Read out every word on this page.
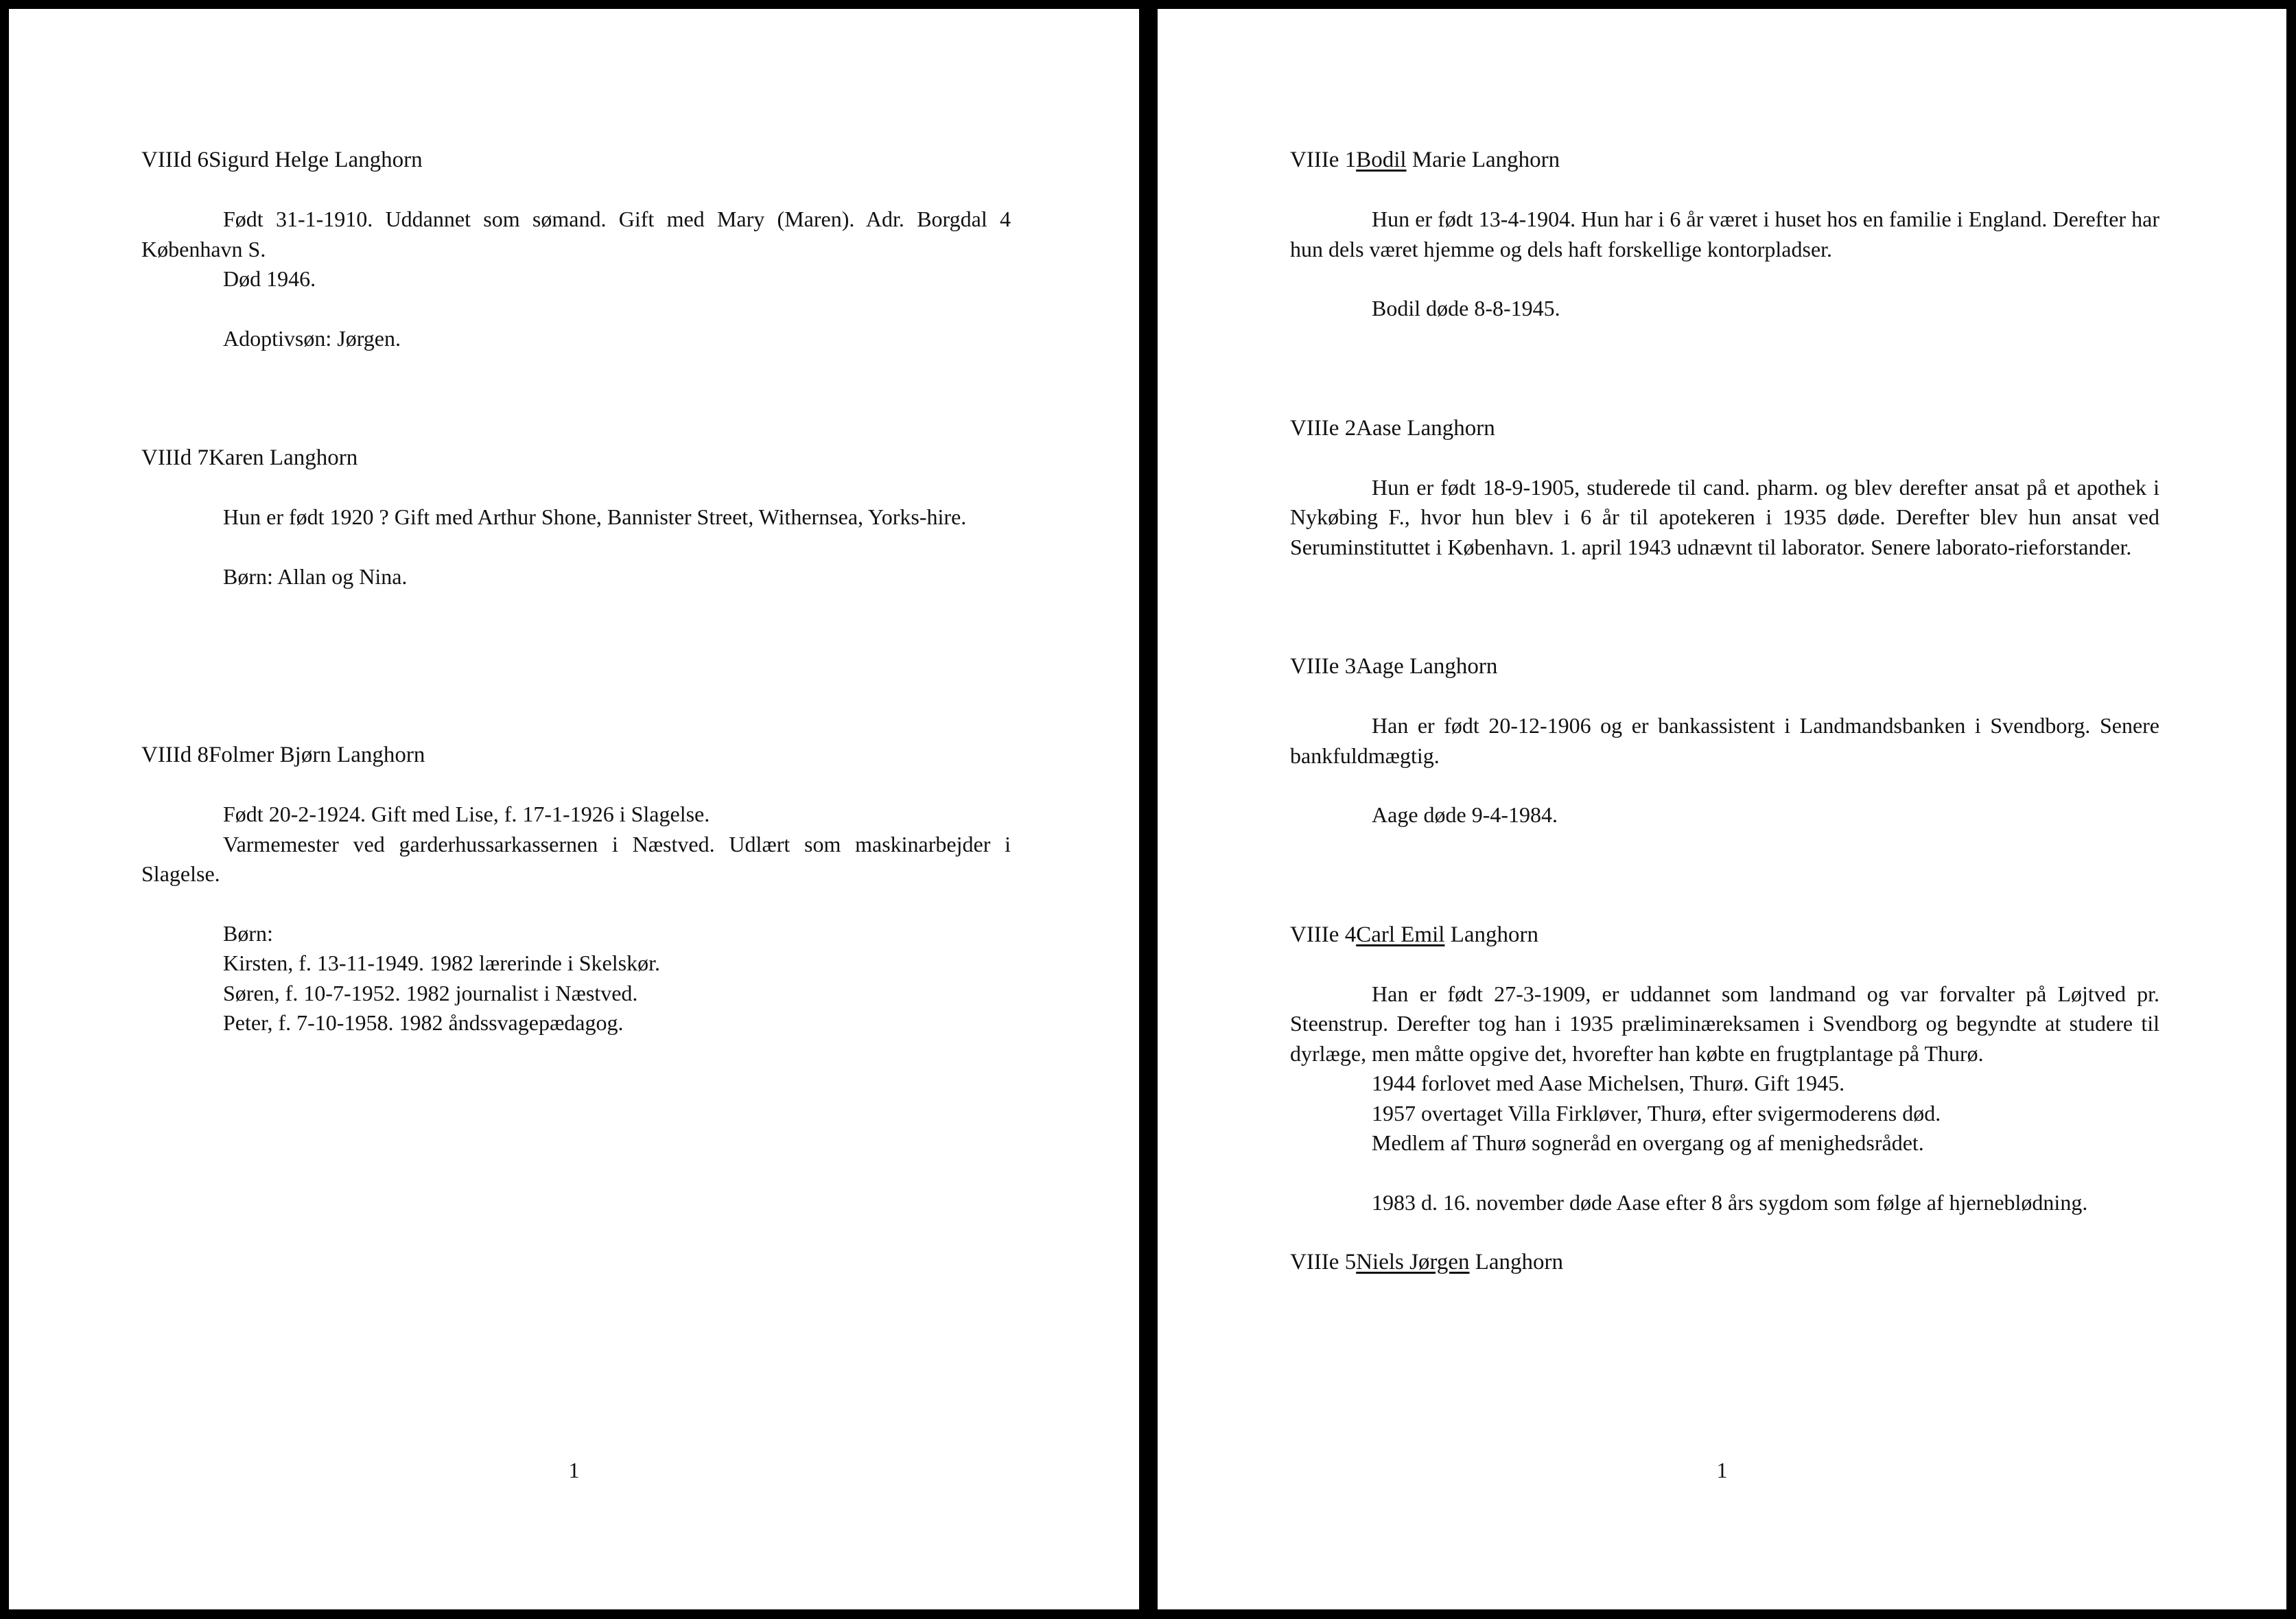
VIIId 6Sigurd Helge Langhorn

Født 31-1-1910. Uddannet som sømand. Gift med Mary (Maren). Adr. Borgdal 4 København S.

Død 1946.

Adoptivsøn: Jørgen.

VIIId 7Karen Langhorn

Hun er født 1920 ? Gift med Arthur Shone, Bannister Street, Withernsea, Yorks-hire.

Børn: Allan og Nina.

VIIId 8Folmer Bjørn Langhorn

Født 20-2-1924. Gift med Lise, f. 17-1-1926 i Slagelse.

Varmemester ved garderhussarkassernen i Næstved. Udlært som maskinarbejder i Slagelse.

Børn:

Kirsten, f. 13-11-1949. 1982 lærerinde i Skelskør.

Søren, f. 10-7-1952. 1982 journalist i Næstved.

Peter, f. 7-10-1958. 1982 åndssvagepædagog.

1

VIIIe 1Bodil Marie Langhorn

Hun er født 13-4-1904. Hun har i 6 år været i huset hos en familie i England. Derefter har hun dels været hjemme og dels haft forskellige kontorpladser.

Bodil døde 8-8-1945.

VIIIe 2Aase Langhorn

Hun er født 18-9-1905, studerede til cand. pharm. og blev derefter ansat på et apothek i Nykøbing F., hvor hun blev i 6 år til apotekeren i 1935 døde. Derefter blev hun ansat ved Seruminstituttet i København. 1. april 1943 udnævnt til laborator. Senere laborato-rieforstander.

VIIIe 3Aage Langhorn

Han er født 20-12-1906 og er bankassistent i Landmandsbanken i Svendborg. Senere bankfuldmægtig.

Aage døde 9-4-1984.

VIIIe 4Carl Emil Langhorn

Han er født 27-3-1909, er uddannet som landmand og var forvalter på Løjtved pr. Steenstrup. Derefter tog han i 1935 præliminæreksamen i Svendborg og begyndte at studere til dyrlæge, men måtte opgive det, hvorefter han købte en frugtplantage på Thurø.

1944 forlovet med Aase Michelsen, Thurø. Gift 1945.

1957 overtaget Villa Firkløver, Thurø, efter svigermoderens død.

Medlem af Thurø sogneråd en overgang og af menighedsrådet.

1983 d. 16. november døde Aase efter 8 års sygdom som følge af hjerneblødning.

VIIIe 5Niels Jørgen Langhorn

1
